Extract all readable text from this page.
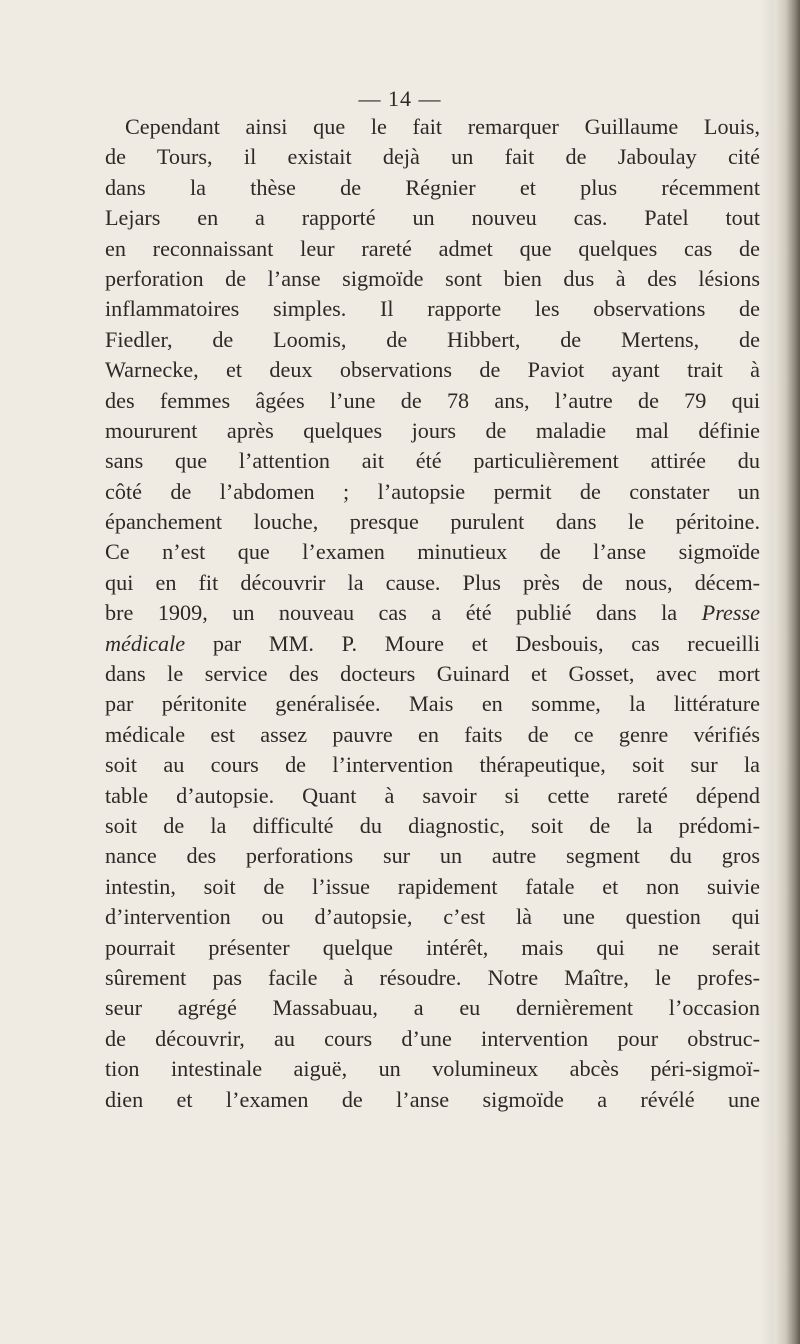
— 14 —
Cependant ainsi que le fait remarquer Guillaume Louis,
de Tours, il existait dejà un fait de Jaboulay cité
dans la thèse de Régnier et plus récemment
Lejars en a rapporté un nouveu cas. Patel tout
en reconnaissant leur rareté admet que quelques cas de
perforation de l’anse sigmoïde sont bien dus à des lésions
inflammatoires simples. Il rapporte les observations de
Fiedler, de Loomis, de Hibbert, de Mertens, de
Warnecke, et deux observations de Paviot ayant trait à
des femmes âgées l’une de 78 ans, l’autre de 79 qui
moururent après quelques jours de maladie mal définie
sans que l’attention ait été particulièrement attirée du
côté de l’abdomen ; l’autopsie permit de constater un
épanchement louche, presque purulent dans le péritoine.
Ce n’est que l’examen minutieux de l’anse sigmoïde
qui en fit découvrir la cause. Plus près de nous, décem-
bre 1909, un nouveau cas a été publié dans la Presse
médicale par MM. P. Moure et Desbouis, cas recueilli
dans le service des docteurs Guinard et Gosset, avec mort
par péritonite genéralisée. Mais en somme, la littérature
médicale est assez pauvre en faits de ce genre vérifiés
soit au cours de l’intervention thérapeutique, soit sur la
table d’autopsie. Quant à savoir si cette rareté dépend
soit de la difficulté du diagnostic, soit de la prédomi-
nance des perforations sur un autre segment du gros
intestin, soit de l’issue rapidement fatale et non suivie
d’intervention ou d’autopsie, c’est là une question qui
pourrait présenter quelque intérêt, mais qui ne serait
sûrement pas facile à résoudre. Notre Maître, le profes-
seur agrégé Massabuau, a eu dernièrement l’occasion
de découvrir, au cours d’une intervention pour obstruc-
tion intestinale aiguë, un volumineux abcès péri-sigmoï-
dien et l’examen de l’anse sigmoïde a révélé une
